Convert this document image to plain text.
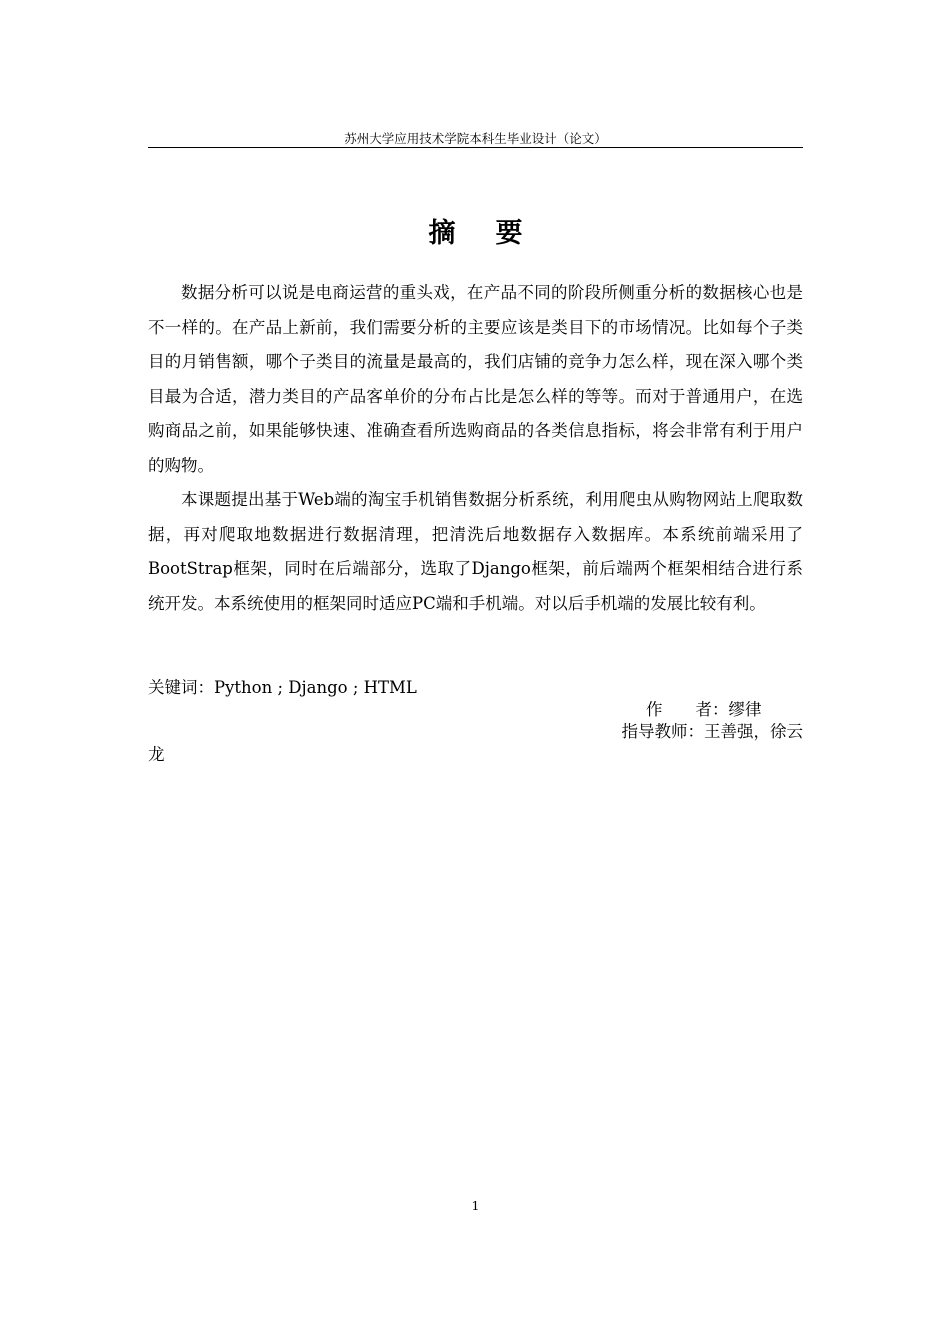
苏州大学应用技术学院本科生毕业设计（论文）
摘 要

数据分析可以说是电商运营的重头戏，在产品不同的阶段所侧重分析的数据核心也是不一样的。在产品上新前，我们需要分析的主要应该是类目下的市场情况。比如每个子类目的月销售额，哪个子类目的流量是最高的，我们店铺的竞争力怎么样，现在深入哪个类目最为合适，潜力类目的产品客单价的分布占比是怎么样的等等。而对于普通用户，在选购商品之前，如果能够快速、准确查看所选购商品的各类信息指标，将会非常有利于用户的购物。

本课题提出基于Web端的淘宝手机销售数据分析系统，利用爬虫从购物网站上爬取数据，再对爬取地数据进行数据清理，把清洗后地数据存入数据库。本系统前端采用了BootStrap框架，同时在后端部分，选取了Django框架，前后端两个框架相结合进行系统开发。本系统使用的框架同时适应PC端和手机端。对以后手机端的发展比较有利。

关键词：Python ; Django ; HTML
作　　者：缪律
指导教师：王善强，徐云
龙
1
